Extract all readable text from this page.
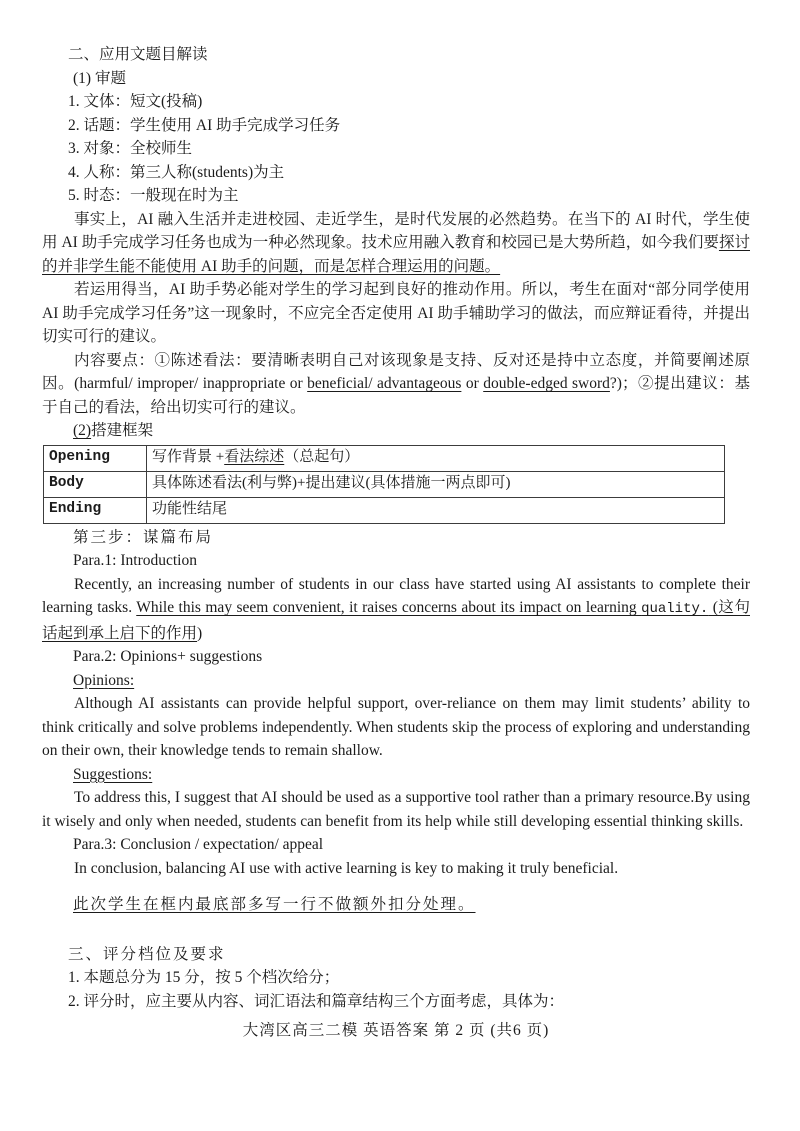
二、应用文题目解读

(1) 审题

1. 文体：短文(投稿)

2. 话题：学生使用 AI 助手完成学习任务

3. 对象：全校师生

4. 人称：第三人称(students)为主

5. 时态：一般现在时为主

事实上，AI 融入生活并走进校园、走近学生，是时代发展的必然趋势。在当下的 AI 时代，学生使用 AI 助手完成学习任务也成为一种必然现象。技术应用融入教育和校园已是大势所趋，如今我们要探讨的并非学生能不能使用 AI 助手的问题，而是怎样合理运用的问题。

若运用得当，AI 助手势必能对学生的学习起到良好的推动作用。所以，考生在面对“部分同学使用 AI 助手完成学习任务”这一现象时，不应完全否定使用 AI 助手辅助学习的做法，而应辩证看待，并提出切实可行的建议。

内容要点：①陈述看法：要清晰表明自己对该现象是支持、反对还是持中立态度，并简要阐述原因。(harmful/ improper/ inappropriate or beneficial/ advantageous or double-edged sword?)；②提出建议：基于自己的看法，给出切实可行的建议。

(2)搭建框架

Opening	写作背景 +看法综述（总起句）
Body	具体陈述看法(利与弊)+提出建议(具体措施一两点即可)
Ending	功能性结尾

第三步：谋篇布局

Para.1: Introduction

Recently, an increasing number of students in our class have started using AI assistants to complete their learning tasks. While this may seem convenient, it raises concerns about its impact on learning quality. (这句话起到承上启下的作用)

Para.2: Opinions+ suggestions

Opinions:

Although AI assistants can provide helpful support, over-reliance on them may limit students’ ability to think critically and solve problems independently. When students skip the process of exploring and understanding on their own, their knowledge tends to remain shallow.

Suggestions:

To address this, I suggest that AI should be used as a supportive tool rather than a primary resource.By using it wisely and only when needed, students can benefit from its help while still developing essential thinking skills.

Para.3: Conclusion / expectation/ appeal

In conclusion, balancing AI use with active learning is key to making it truly beneficial.

此次学生在框内最底部多写一行不做额外扣分处理。

三、评分档位及要求

1. 本题总分为 15 分，按 5 个档次给分；

2. 评分时，应主要从内容、词汇语法和篇章结构三个方面考虑，具体为：

大湾区高三二模 英语答案 第 2 页 (共6 页)
